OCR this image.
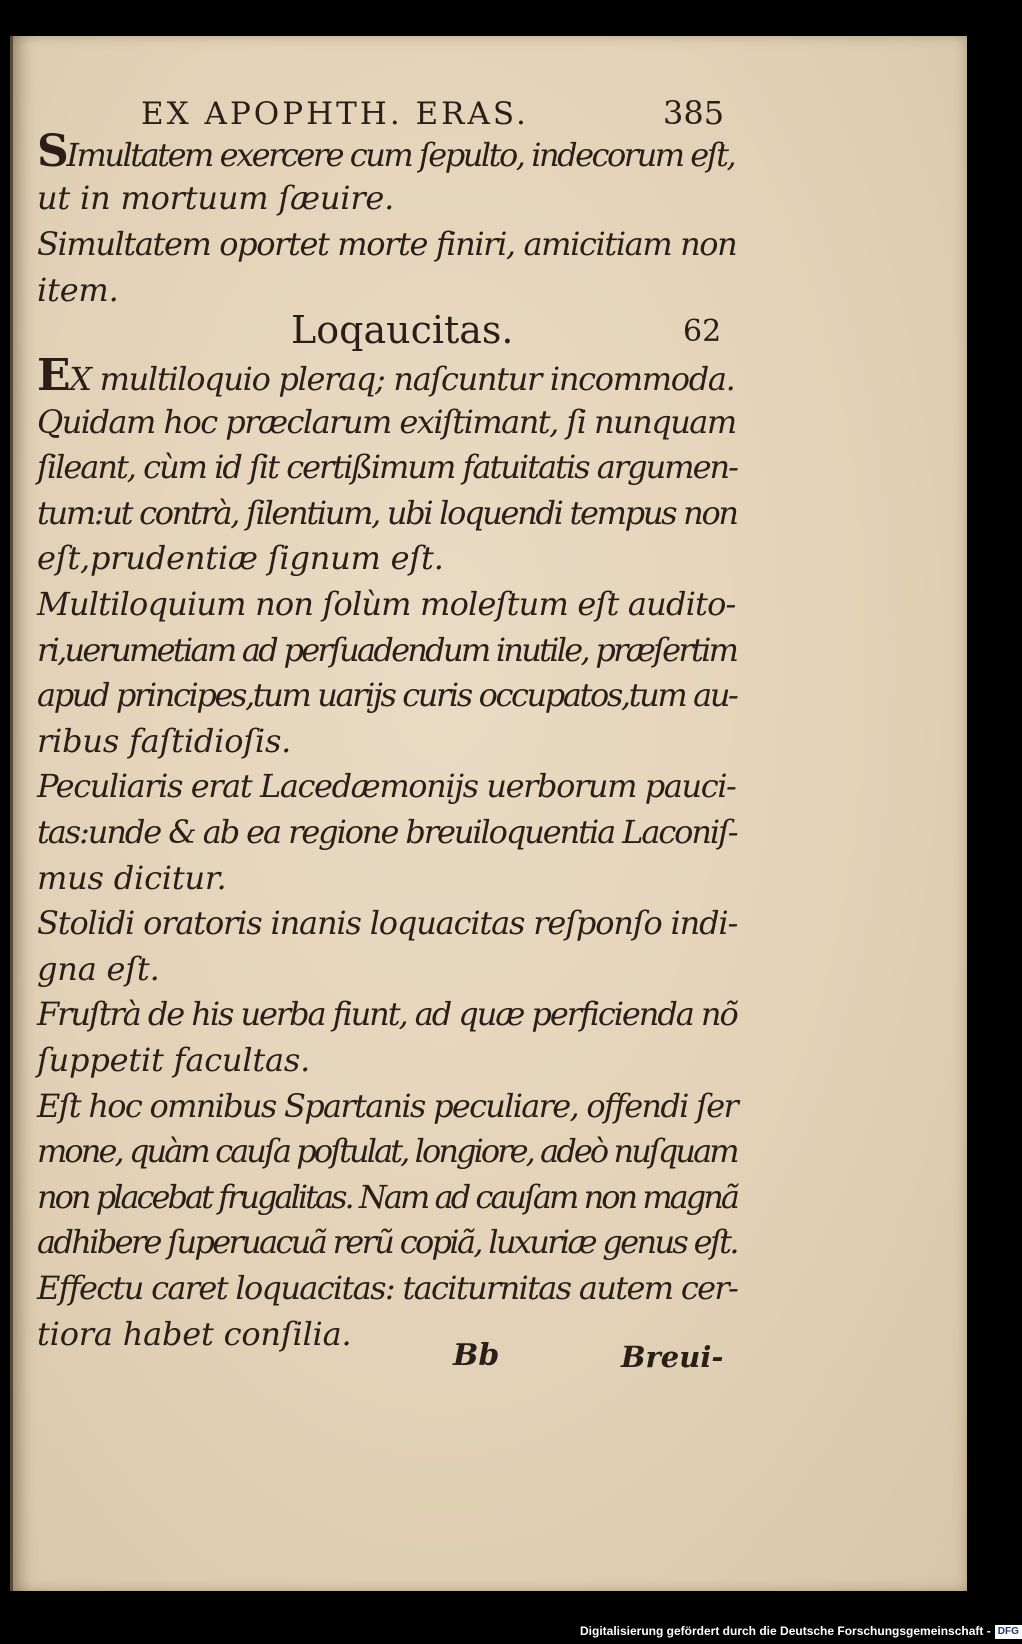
EX APOPHTH. ERAS.	385
Loqaucitas.	62
Bb	Breui-
SImultatem exercere cum ſepulto, indecorum eſt,
ut in mortuum ſæuire.
Simultatem oportet morte finiri, amicitiam non
item.
EX multiloquio pleraq; naſcuntur incommoda.
Quidam hoc præclarum exiſtimant, ſi nunquam
ſileant, cùm id ſit certißimum fatuitatis argumen-
tum:ut contrà, ſilentium, ubi loquendi tempus non
eſt,prudentiæ ſignum eſt.
Multiloquium non ſolùm moleſtum eſt audito-
ri,uerumetiam ad perſuadendum inutile, præſertim
apud principes,tum uarijs curis occupatos,tum au-
ribus faſtidioſis.
Peculiaris erat Lacedæmonijs uerborum pauci-
tas:unde & ab ea regione breuiloquentia Laconiſ-
mus dicitur.
Stolidi oratoris inanis loquacitas reſponſo indi-
gna eſt.
Fruſtrà de his uerba fiunt, ad quæ perficienda nõ
ſuppetit facultas.
Eſt hoc omnibus Spartanis peculiare, offendi ſer
mone, quàm cauſa poſtulat, longiore, adeò nuſquam
non placebat frugalitas. Nam ad cauſam non magnã
adhibere ſuperuacuã rerũ copiã, luxuriæ genus eſt.
Effectu caret loquacitas: taciturnitas autem cer-
tiora habet conſilia.
Digitalisierung gefördert durch die Deutsche Forschungsgemeinschaft - DFG
